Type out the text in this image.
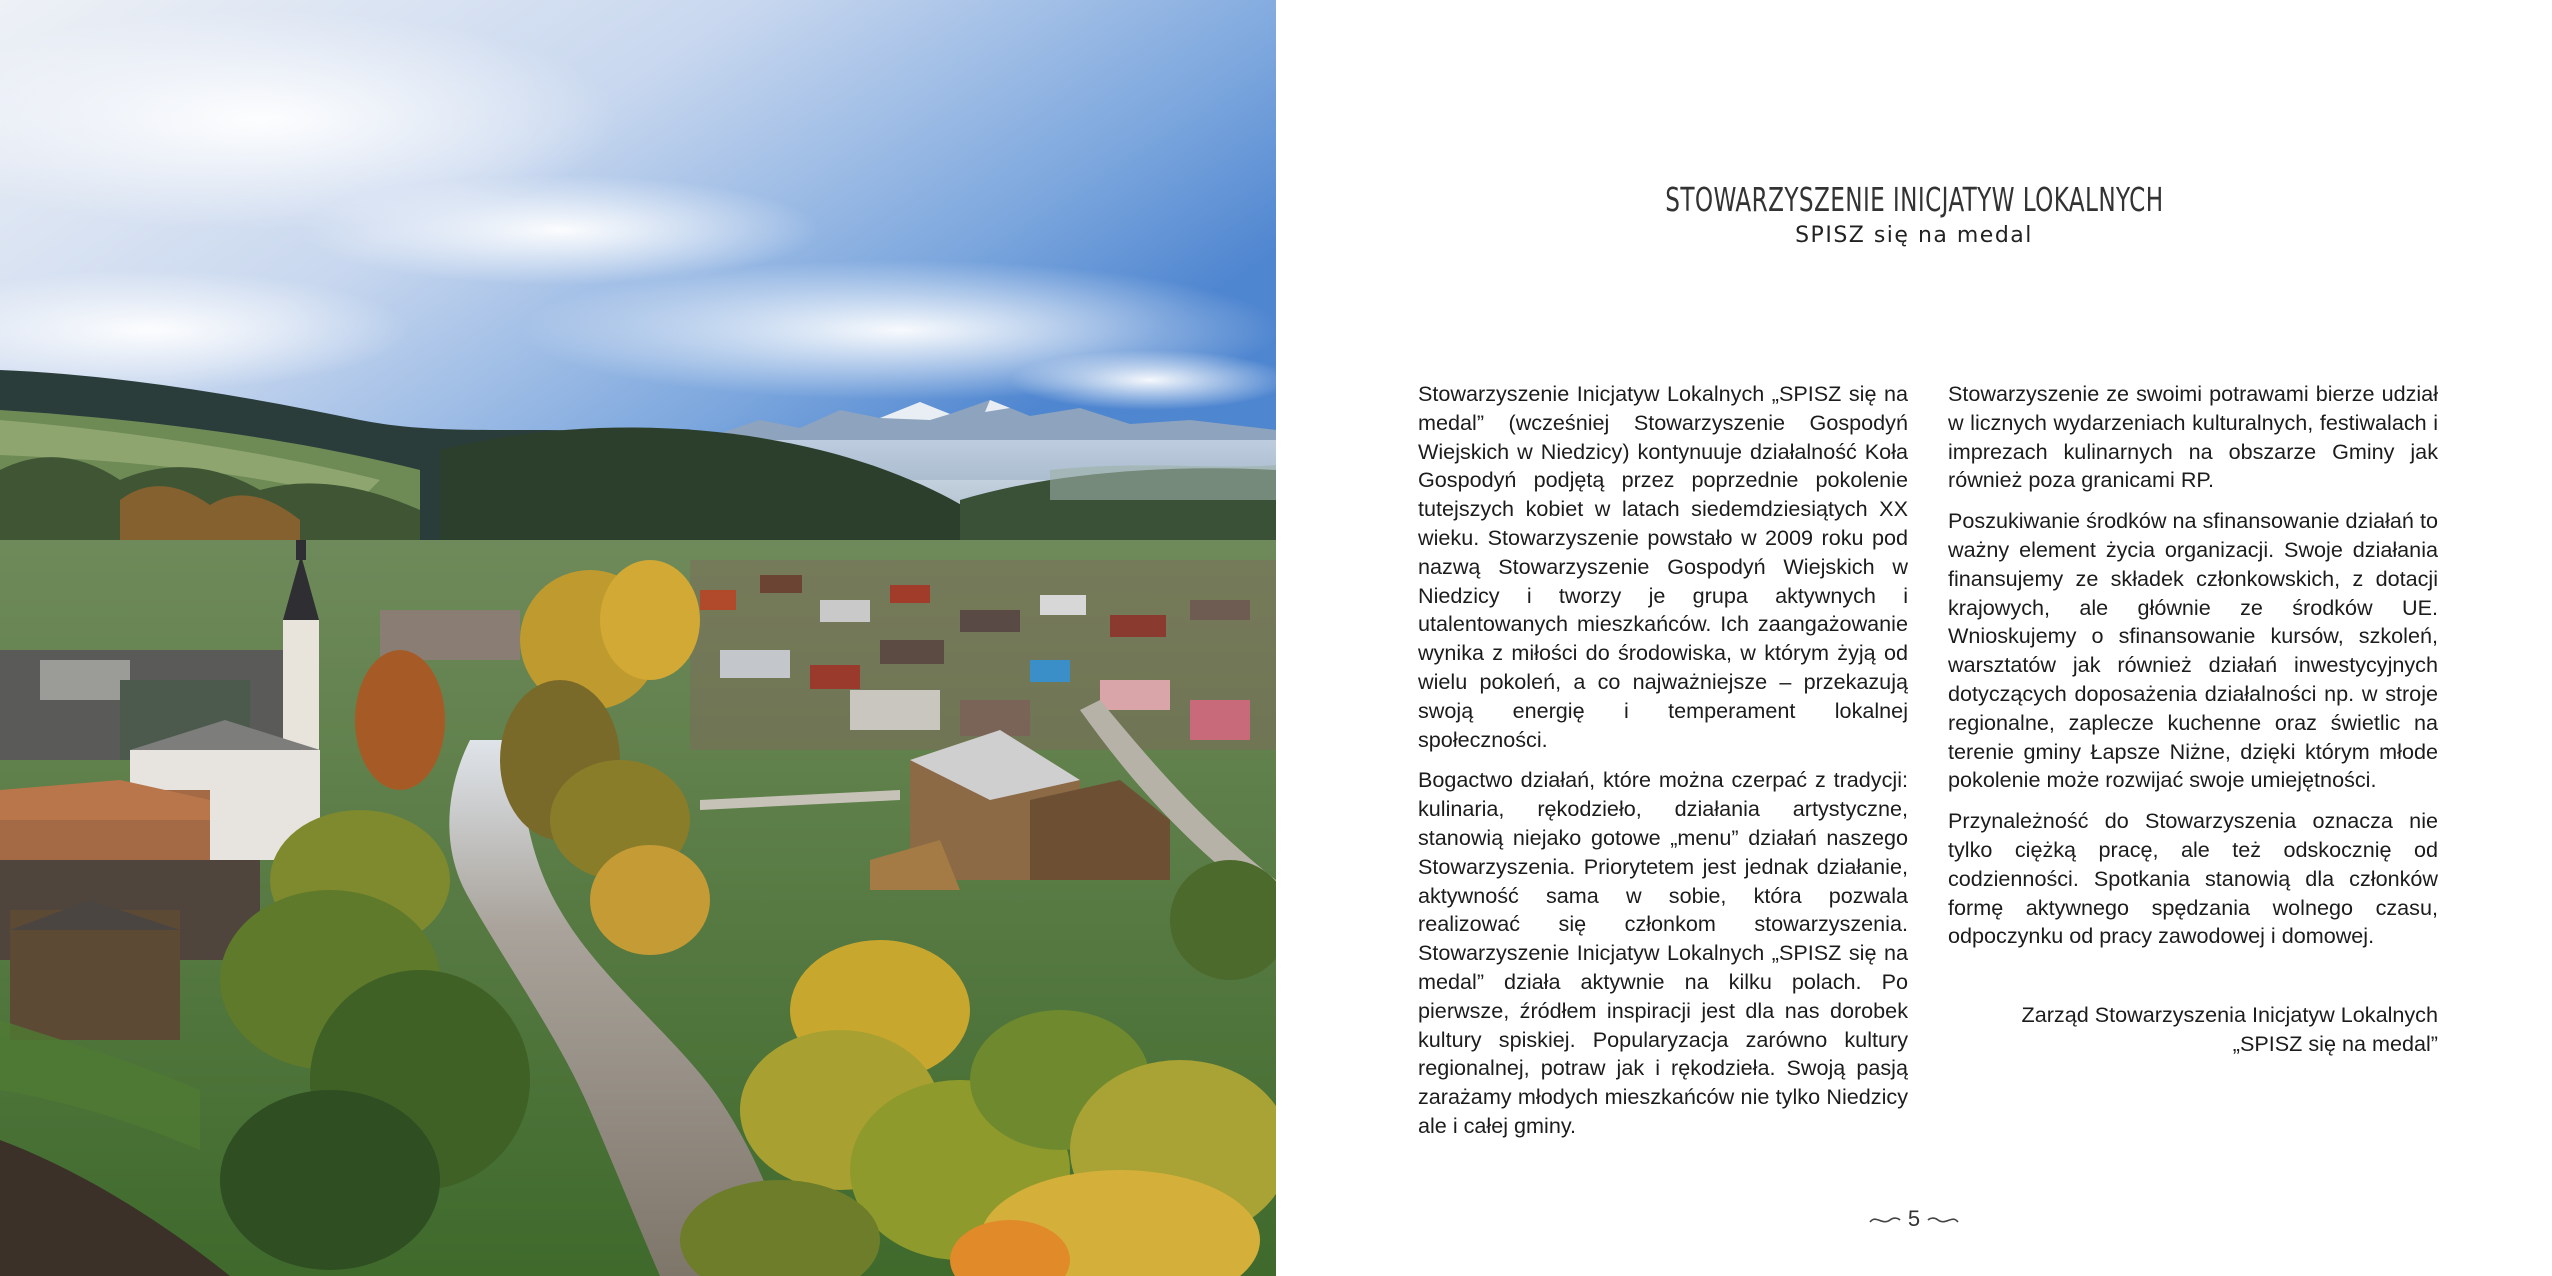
STOWARZYSZENIE INICJATYW LOKALNYCH
SPISZ się na medal

Stowarzyszenie Inicjatyw Lokalnych „SPISZ się na medal” (wcześniej Stowarzyszenie Gospodyń Wiejskich w Niedzicy) kontynuuje działalność Koła Gospodyń podjętą przez poprzednie pokolenie tutejszych kobiet w latach siedemdziesiątych XX wieku. Stowarzyszenie powstało w 2009 roku pod nazwą Stowarzyszenie Gospodyń Wiejskich w Niedzicy i tworzy je grupa aktywnych i utalentowanych mieszkańców. Ich zaangażowanie wynika z miłości do środowiska, w którym żyją od wielu pokoleń, a co najważniejsze – przekazują swoją energię i temperament lokalnej społeczności.

Bogactwo działań, które można czerpać z tradycji: kulinaria, rękodzieło, działania artystyczne, stanowią niejako gotowe „menu” działań naszego Stowarzyszenia. Priorytetem jest jednak działanie, aktywność sama w sobie, która pozwala realizować się członkom stowarzyszenia. Stowarzyszenie Inicjatyw Lokalnych „SPISZ się na medal” działa aktywnie na kilku polach. Po pierwsze, źródłem inspiracji jest dla nas dorobek kultury spiskiej. Popularyzacja zarówno kultury regionalnej, potraw jak i rękodzieła. Swoją pasją zarażamy młodych mieszkańców nie tylko Niedzicy ale i całej gminy.

Stowarzyszenie ze swoimi potrawami bierze udział w licznych wydarzeniach kulturalnych, festiwalach i imprezach kulinarnych na obszarze Gminy jak również poza granicami RP.

Poszukiwanie środków na sfinansowanie działań to ważny element życia organizacji. Swoje działania finansujemy ze składek członkowskich, z dotacji krajowych, ale głównie ze środków UE. Wnioskujemy o sfinansowanie kursów, szkoleń, warsztatów jak również działań inwestycyjnych dotyczących doposażenia działalności np. w stroje regionalne, zaplecze kuchenne oraz świetlic na terenie gminy Łapsze Niżne, dzięki którym młode pokolenie może rozwijać swoje umiejętności.

Przynależność do Stowarzyszenia oznacza nie tylko ciężką pracę, ale też odskocznię od codzienności. Spotkania stanowią dla członków formę aktywnego spędzania wolnego czasu, odpoczynku od pracy zawodowej i domowej.

Zarząd Stowarzyszenia Inicjatyw Lokalnych
„SPISZ się na medal”
5
